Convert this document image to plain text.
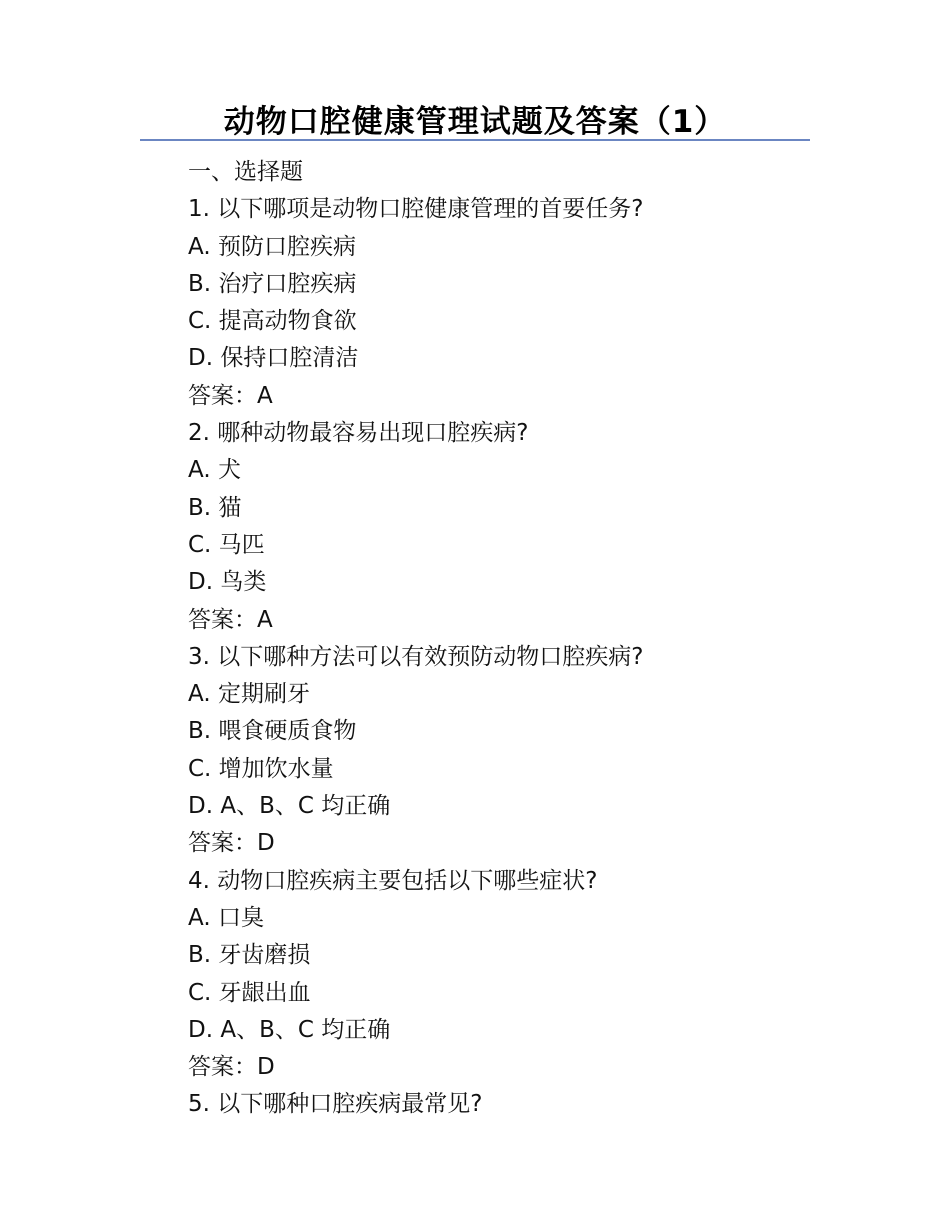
动物口腔健康管理试题及答案（1）
一、选择题
1. 以下哪项是动物口腔健康管理的首要任务?
A. 预防口腔疾病
B. 治疗口腔疾病
C. 提高动物食欲
D. 保持口腔清洁
答案：A
2. 哪种动物最容易出现口腔疾病?
A. 犬
B. 猫
C. 马匹
D. 鸟类
答案：A
3. 以下哪种方法可以有效预防动物口腔疾病?
A. 定期刷牙
B. 喂食硬质食物
C. 增加饮水量
D. A、B、C 均正确
答案：D
4. 动物口腔疾病主要包括以下哪些症状?
A. 口臭
B. 牙齿磨损
C. 牙龈出血
D. A、B、C 均正确
答案：D
5. 以下哪种口腔疾病最常见?
